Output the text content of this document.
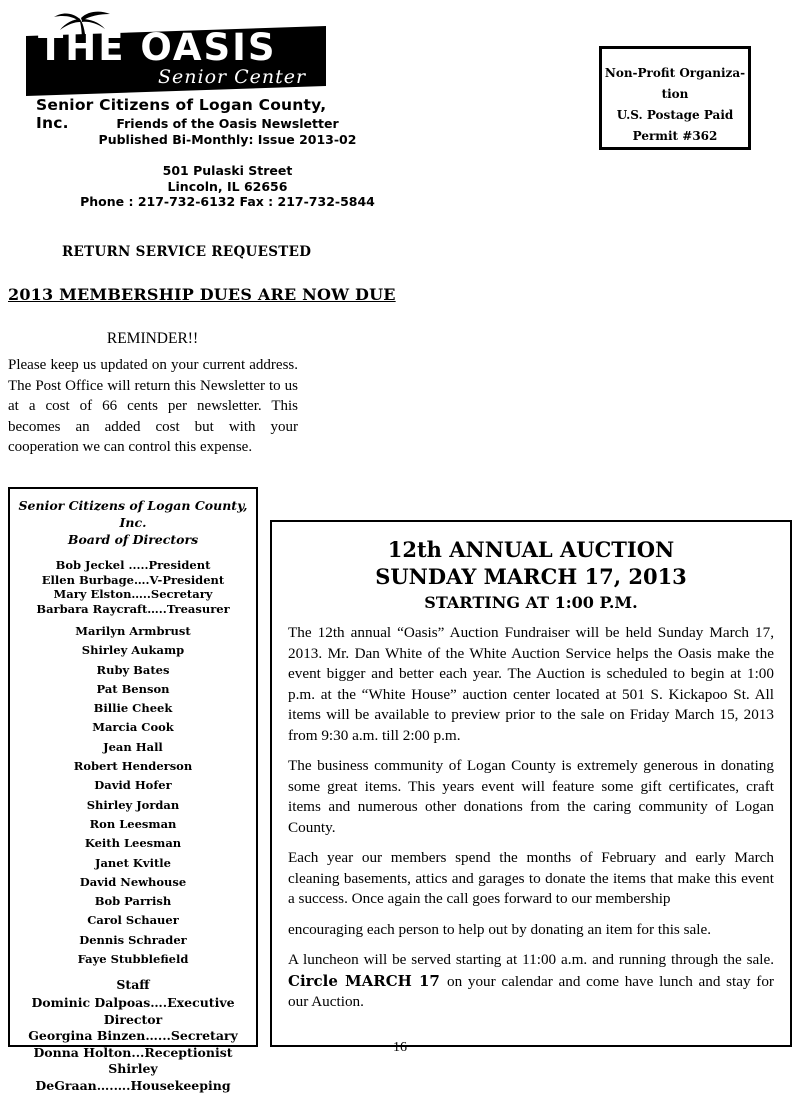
THE OASIS
Senior Center
Senior Citizens of Logan County, Inc.	Friends of the Oasis Newsletter
Published Bi-Monthly: Issue 2013-02
501 Pulaski Street
Lincoln, IL 62656
Phone : 217-732-6132 Fax : 217-732-5844
RETURN SERVICE REQUESTED
2013 MEMBERSHIP DUES ARE NOW DUE
REMINDER!!
Please keep us updated on your current address. The Post Office will return this Newsletter to us at a cost of 66 cents per newsletter. This becomes an added cost but with your cooperation we can control this expense.
Non-Profit Organiza-
tion
U.S. Postage Paid
Permit #362
Senior Citizens of Logan County, Inc.
Board of Directors
Bob Jeckel .....President
Ellen Burbage….V-President
Mary Elston…..Secretary
Barbara Raycraft…..Treasurer
Marilyn Armbrust
Shirley Aukamp
Ruby Bates
Pat Benson
Billie Cheek
Marcia Cook
Jean Hall
Robert Henderson
David Hofer
Shirley Jordan
Ron Leesman
Keith Leesman
Janet Kvitle
David Newhouse
Bob Parrish
Carol Schauer
Dennis Schrader
Faye Stubblefield
Staff
Dominic Dalpoas….Executive Director
Georgina Binzen…...Secretary
Donna Holton...Receptionist
Shirley DeGraan….….Housekeeping
12th ANNUAL AUCTION
SUNDAY MARCH 17, 2013
STARTING AT 1:00 P.M.

The 12th annual “Oasis” Auction Fundraiser will be held Sunday March 17, 2013. Mr. Dan White of the White Auction Service helps the Oasis make the event bigger and better each year. The Auction is scheduled to begin at 1:00 p.m. at the “White House” auction center located at 501 S. Kickapoo St. All items will be available to preview prior to the sale on Friday March 15, 2013 from 9:30 a.m. till 2:00 p.m.

The business community of Logan County is extremely generous in donating some great items. This years event will feature some gift certificates, craft items and numerous other donations from the caring community of Logan County.

Each year our members spend the months of February and early March cleaning basements, attics and garages to donate the items that make this event a success. Once again the call goes forward to our membership

encouraging each person to help out by donating an item for this sale.

A luncheon will be served starting at 11:00 a.m. and running through the sale. Circle MARCH 17 on your calendar and come have lunch and stay for our Auction.

16
